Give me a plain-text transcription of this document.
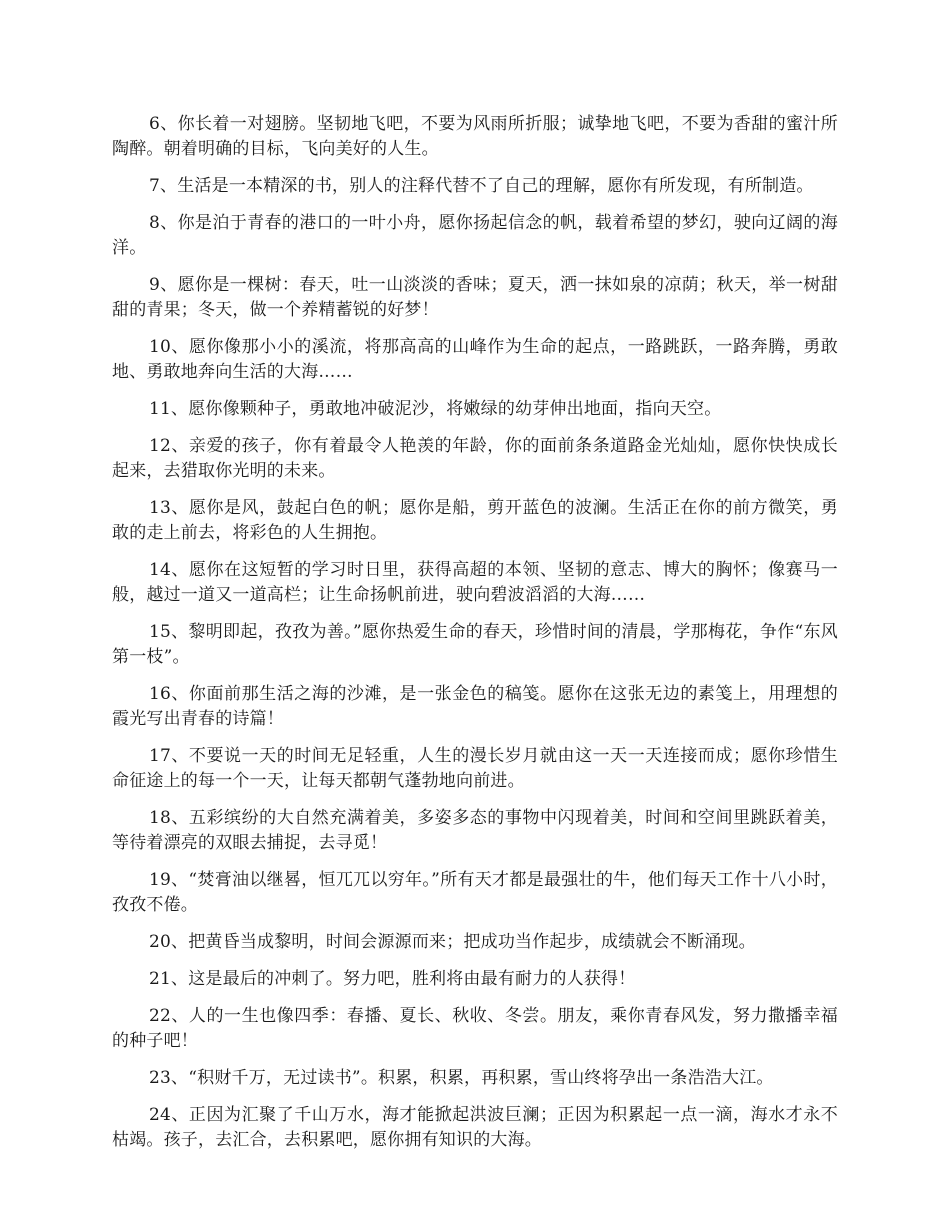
6、你长着一对翅膀。坚韧地飞吧，不要为风雨所折服；诚挚地飞吧，不要为香甜的蜜汁所陶醉。朝着明确的目标，飞向美好的人生。

7、生活是一本精深的书，别人的注释代替不了自己的理解，愿你有所发现，有所制造。

8、你是泊于青春的港口的一叶小舟，愿你扬起信念的帆，载着希望的梦幻，驶向辽阔的海洋。

9、愿你是一棵树：春天，吐一山淡淡的香味；夏天，洒一抹如泉的凉荫；秋天，举一树甜甜的青果；冬天，做一个养精蓄锐的好梦！

10、愿你像那小小的溪流，将那高高的山峰作为生命的起点，一路跳跃，一路奔腾，勇敢地、勇敢地奔向生活的大海……

11、愿你像颗种子，勇敢地冲破泥沙，将嫩绿的幼芽伸出地面，指向天空。

12、亲爱的孩子，你有着最令人艳羡的年龄，你的面前条条道路金光灿灿，愿你快快成长起来，去猎取你光明的未来。

13、愿你是风，鼓起白色的帆；愿你是船，剪开蓝色的波澜。生活正在你的前方微笑，勇敢的走上前去，将彩色的人生拥抱。

14、愿你在这短暂的学习时日里，获得高超的本领、坚韧的意志、博大的胸怀；像赛马一般，越过一道又一道高栏；让生命扬帆前进，驶向碧波滔滔的大海……

15、黎明即起，孜孜为善。”愿你热爱生命的春天，珍惜时间的清晨，学那梅花，争作“东风第一枝”。

16、你面前那生活之海的沙滩，是一张金色的稿笺。愿你在这张无边的素笺上，用理想的霞光写出青春的诗篇！

17、不要说一天的时间无足轻重，人生的漫长岁月就由这一天一天连接而成；愿你珍惜生命征途上的每一个一天，让每天都朝气蓬勃地向前进。

18、五彩缤纷的大自然充满着美，多姿多态的事物中闪现着美，时间和空间里跳跃着美，等待着漂亮的双眼去捕捉，去寻觅！

19、“焚膏油以继晷，恒兀兀以穷年。”所有天才都是最强壮的牛，他们每天工作十八小时，孜孜不倦。

20、把黄昏当成黎明，时间会源源而来；把成功当作起步，成绩就会不断涌现。

21、这是最后的冲刺了。努力吧，胜利将由最有耐力的人获得！

22、人的一生也像四季：春播、夏长、秋收、冬尝。朋友，乘你青春风发，努力撒播幸福的种子吧！

23、“积财千万，无过读书”。积累，积累，再积累，雪山终将孕出一条浩浩大江。

24、正因为汇聚了千山万水，海才能掀起洪波巨澜；正因为积累起一点一滴，海水才永不枯竭。孩子，去汇合，去积累吧，愿你拥有知识的大海。
